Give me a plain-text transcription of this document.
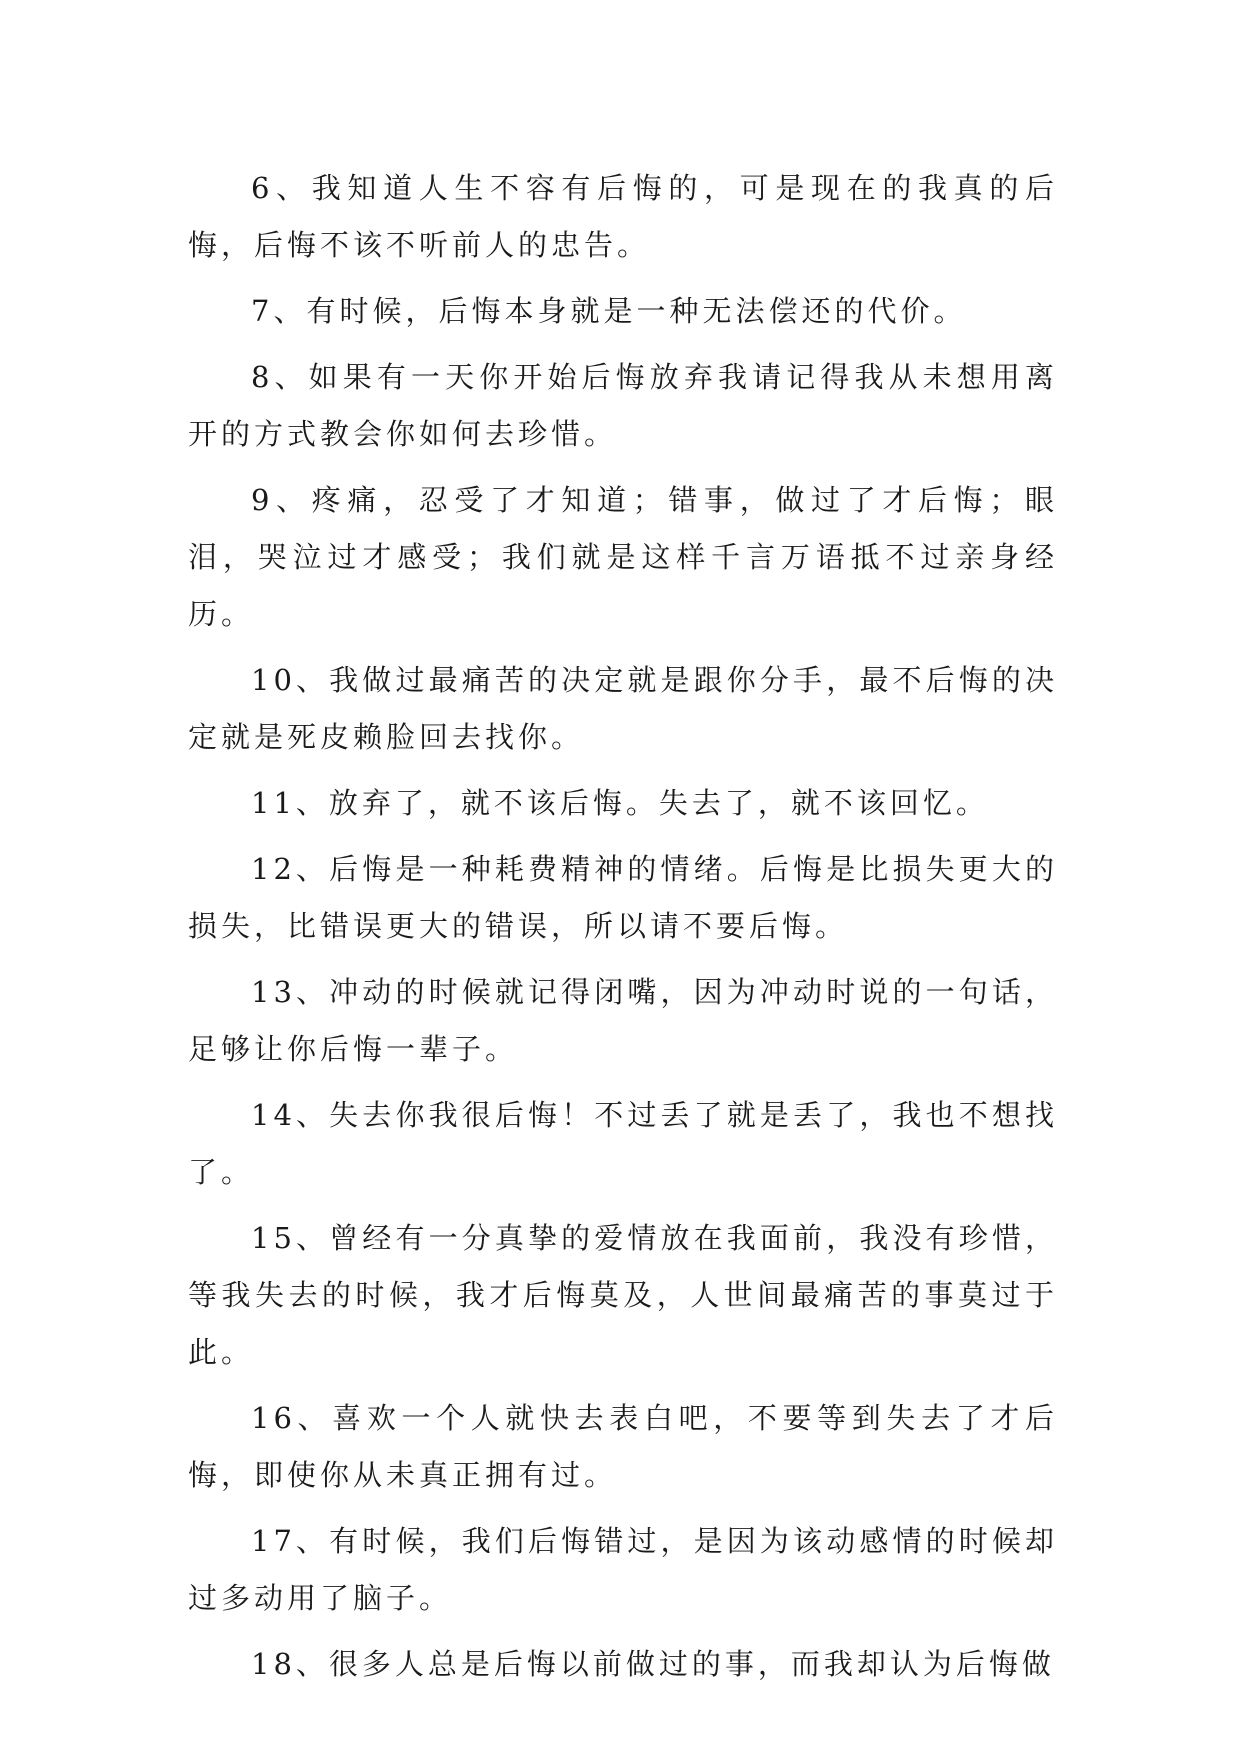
6、我知道人生不容有后悔的，可是现在的我真的后悔，后悔不该不听前人的忠告。

7、有时候，后悔本身就是一种无法偿还的代价。

8、如果有一天你开始后悔放弃我请记得我从未想用离开的方式教会你如何去珍惜。

9、疼痛，忍受了才知道；错事，做过了才后悔；眼泪，哭泣过才感受；我们就是这样千言万语抵不过亲身经历。

10、我做过最痛苦的决定就是跟你分手，最不后悔的决定就是死皮赖脸回去找你。

11、放弃了，就不该后悔。失去了，就不该回忆。

12、后悔是一种耗费精神的情绪。后悔是比损失更大的损失，比错误更大的错误，所以请不要后悔。

13、冲动的时候就记得闭嘴，因为冲动时说的一句话，足够让你后悔一辈子。

14、失去你我很后悔！不过丢了就是丢了，我也不想找了。

15、曾经有一分真挚的爱情放在我面前，我没有珍惜，等我失去的时候，我才后悔莫及，人世间最痛苦的事莫过于此。

16、喜欢一个人就快去表白吧，不要等到失去了才后悔，即使你从未真正拥有过。

17、有时候，我们后悔错过，是因为该动感情的时候却过多动用了脑子。

18、很多人总是后悔以前做过的事，而我却认为后悔做
